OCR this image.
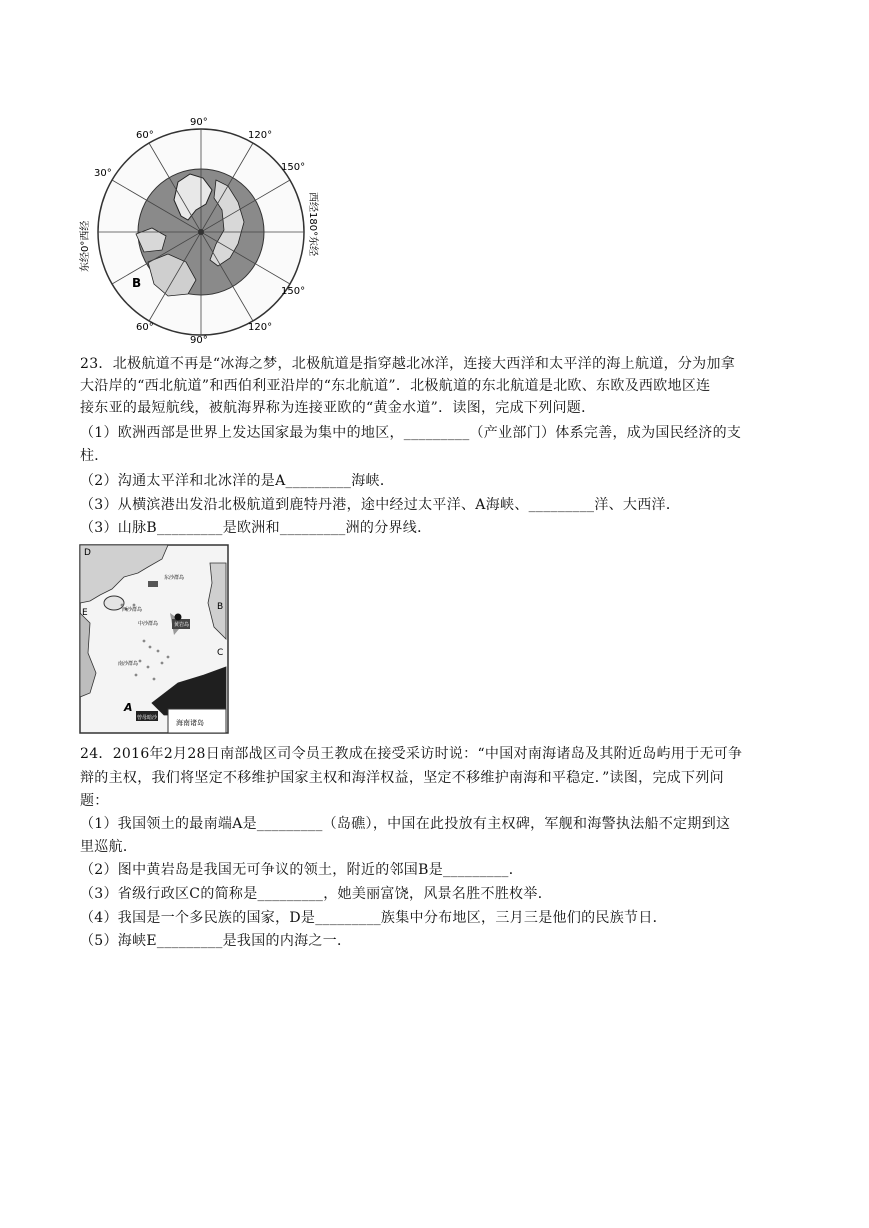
90°
60°	120°
150°
30°
90°
60°	120°
150°
东经0°西经	西经180°东经
B
23．北极航道不再是“冰海之梦，北极航道是指穿越北冰洋，连接大西洋和太平洋的海上航道，分为加拿
大沿岸的“西北航道”和西伯利亚沿岸的“东北航道”．北极航道的东北航道是北欧、东欧及西欧地区连
接东亚的最短航线，被航海界称为连接亚欧的“黄金水道”．读图，完成下列问题．
（1）欧洲西部是世界上发达国家最为集中的地区，_________（产业部门）体系完善，成为国民经济的支
柱．
（2）沟通太平洋和北冰洋的是A_________海峡．
（3）从横滨港出发沿北极航道到鹿特丹港，途中经过太平洋、A海峡、_________洋、大西洋．
（3）山脉B_________是欧洲和_________洲的分界线．
东沙群岛
西沙群岛
中沙群岛	黄岩岛
南沙群岛
曾母暗沙
海南诸岛
D
E
A
B
C
24．2016年2月28日南部战区司令员王教成在接受采访时说：“中国对南海诸岛及其附近岛屿用于无可争
辩的主权，我们将坚定不移维护国家主权和海洋权益，坚定不移维护南海和平稳定．”读图，完成下列问
题：
（1）我国领土的最南端A是_________（岛礁），中国在此投放有主权碑，军舰和海警执法船不定期到这
里巡航．
（2）图中黄岩岛是我国无可争议的领土，附近的邻国B是_________．
（3）省级行政区C的简称是_________，她美丽富饶，风景名胜不胜枚举．
（4）我国是一个多民族的国家，D是_________族集中分布地区，三月三是他们的民族节日．
（5）海峡E_________是我国的内海之一．
